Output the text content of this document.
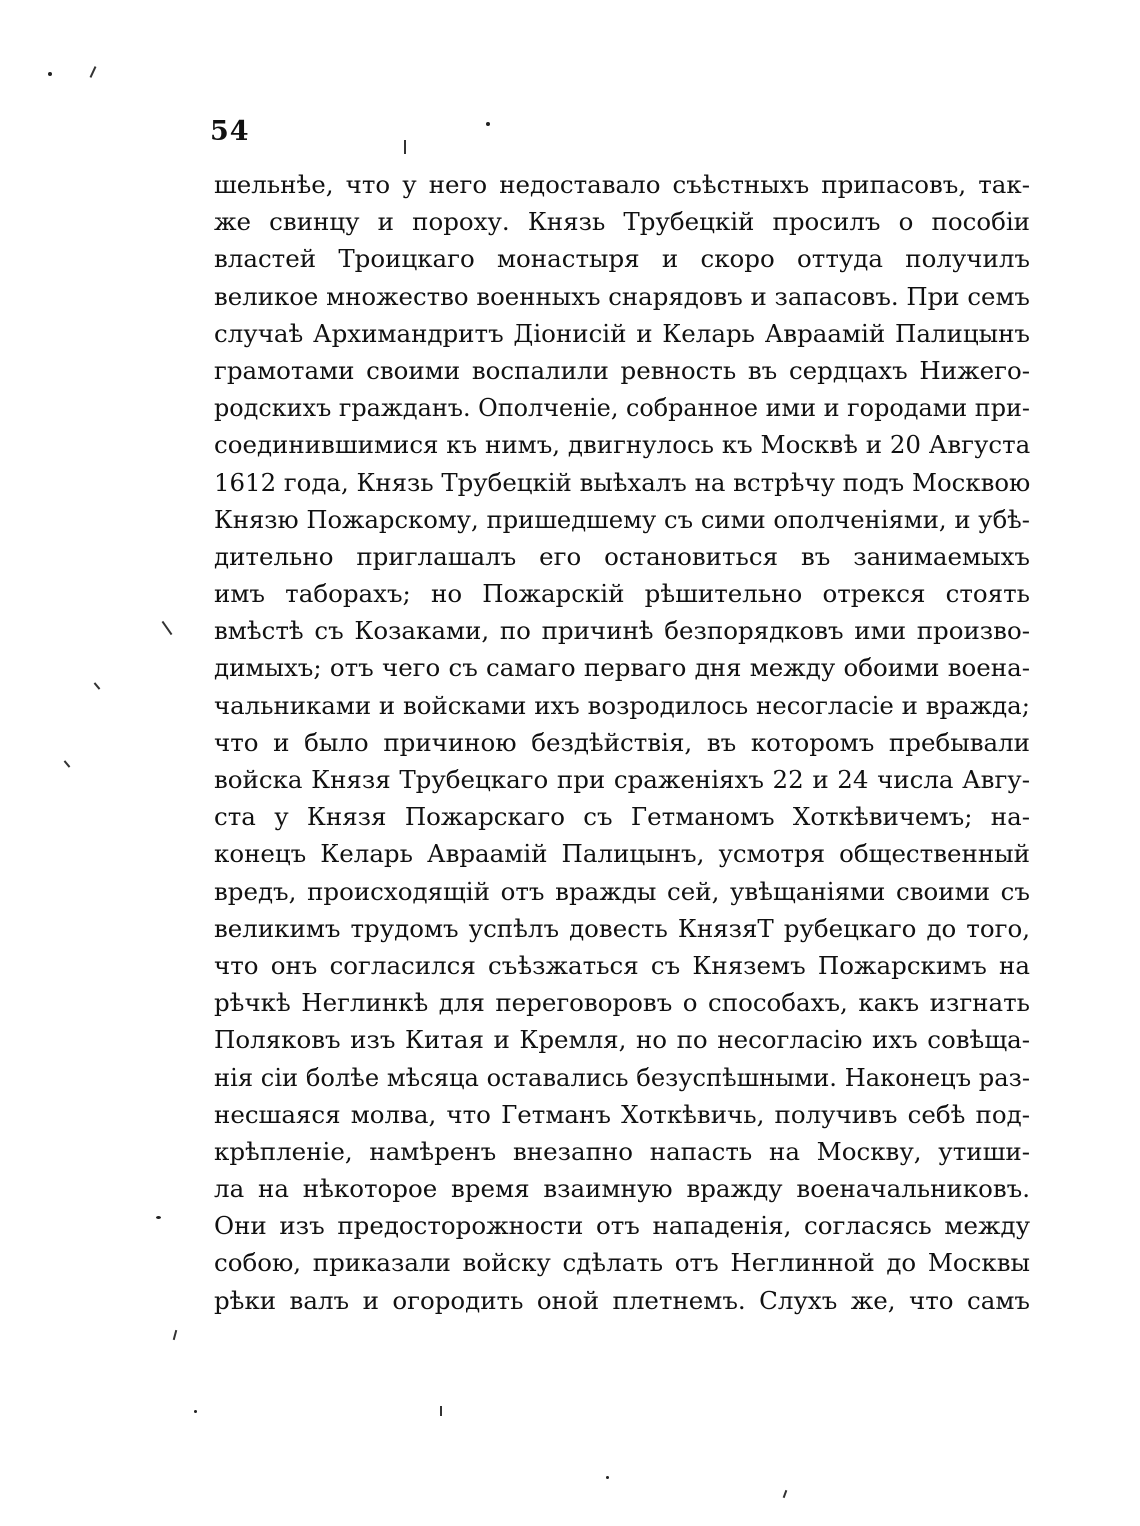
54
шельнѣе, что у него недоставало съѣстныхъ припасовъ, так-
же свинцу и пороху. Князь Трубецкій просилъ о пособіи
властей Троицкаго монастыря и скоро оттуда получилъ
великое множество военныхъ снарядовъ и запасовъ. При семъ
случаѣ Архимандритъ Діонисій и Келарь Авраамій Палицынъ
грамотами своими воспалили ревность въ сердцахъ Нижего-
родскихъ гражданъ. Ополченіе, собранное ими и городами при-
соединившимися къ нимъ, двигнулось къ Москвѣ и 20 Августа
1612 года, Князь Трубецкій выѣхалъ на встрѣчу подъ Москвою
Князю Пожарскому, пришедшему съ сими ополченіями, и убѣ-
дительно приглашалъ его остановиться въ занимаемыхъ
имъ таборахъ; но Пожарскій рѣшительно отрекся стоять
вмѣстѣ съ Козаками, по причинѣ безпорядковъ ими произво-
димыхъ; отъ чего съ самаго перваго дня между обоими воена-
чальниками и войсками ихъ возродилось несогласіе и вражда;
что и было причиною бездѣйствія, въ которомъ пребывали
войска Князя Трубецкаго при сраженіяхъ 22 и 24 числа Авгу-
ста у Князя Пожарскаго съ Гетманомъ Хоткѣвичемъ; на-
конецъ Келарь Авраамій Палицынъ, усмотря общественный
вредъ, происходящій отъ вражды сей, увѣщаніями своими съ
великимъ трудомъ успѣлъ довесть КнязяТ рубецкаго до того,
что онъ согласился съѣзжаться съ Княземъ Пожарскимъ на
рѣчкѣ Неглинкѣ для переговоровъ о способахъ, какъ изгнать
Поляковъ изъ Китая и Кремля, но по несогласію ихъ совѣща-
нія сіи болѣе мѣсяца оставались безуспѣшными. Наконецъ раз-
несшаяся молва, что Гетманъ Хоткѣвичь, получивъ себѣ под-
крѣпленіе, намѣренъ внезапно напасть на Москву, утиши-
ла на нѣкоторое время взаимную вражду военачальниковъ.
Они изъ предосторожности отъ нападенія, согласясь между
собою, приказали войску сдѣлать отъ Неглинной до Москвы
рѣки валъ и огородить оной плетнемъ. Слухъ же, что самъ
